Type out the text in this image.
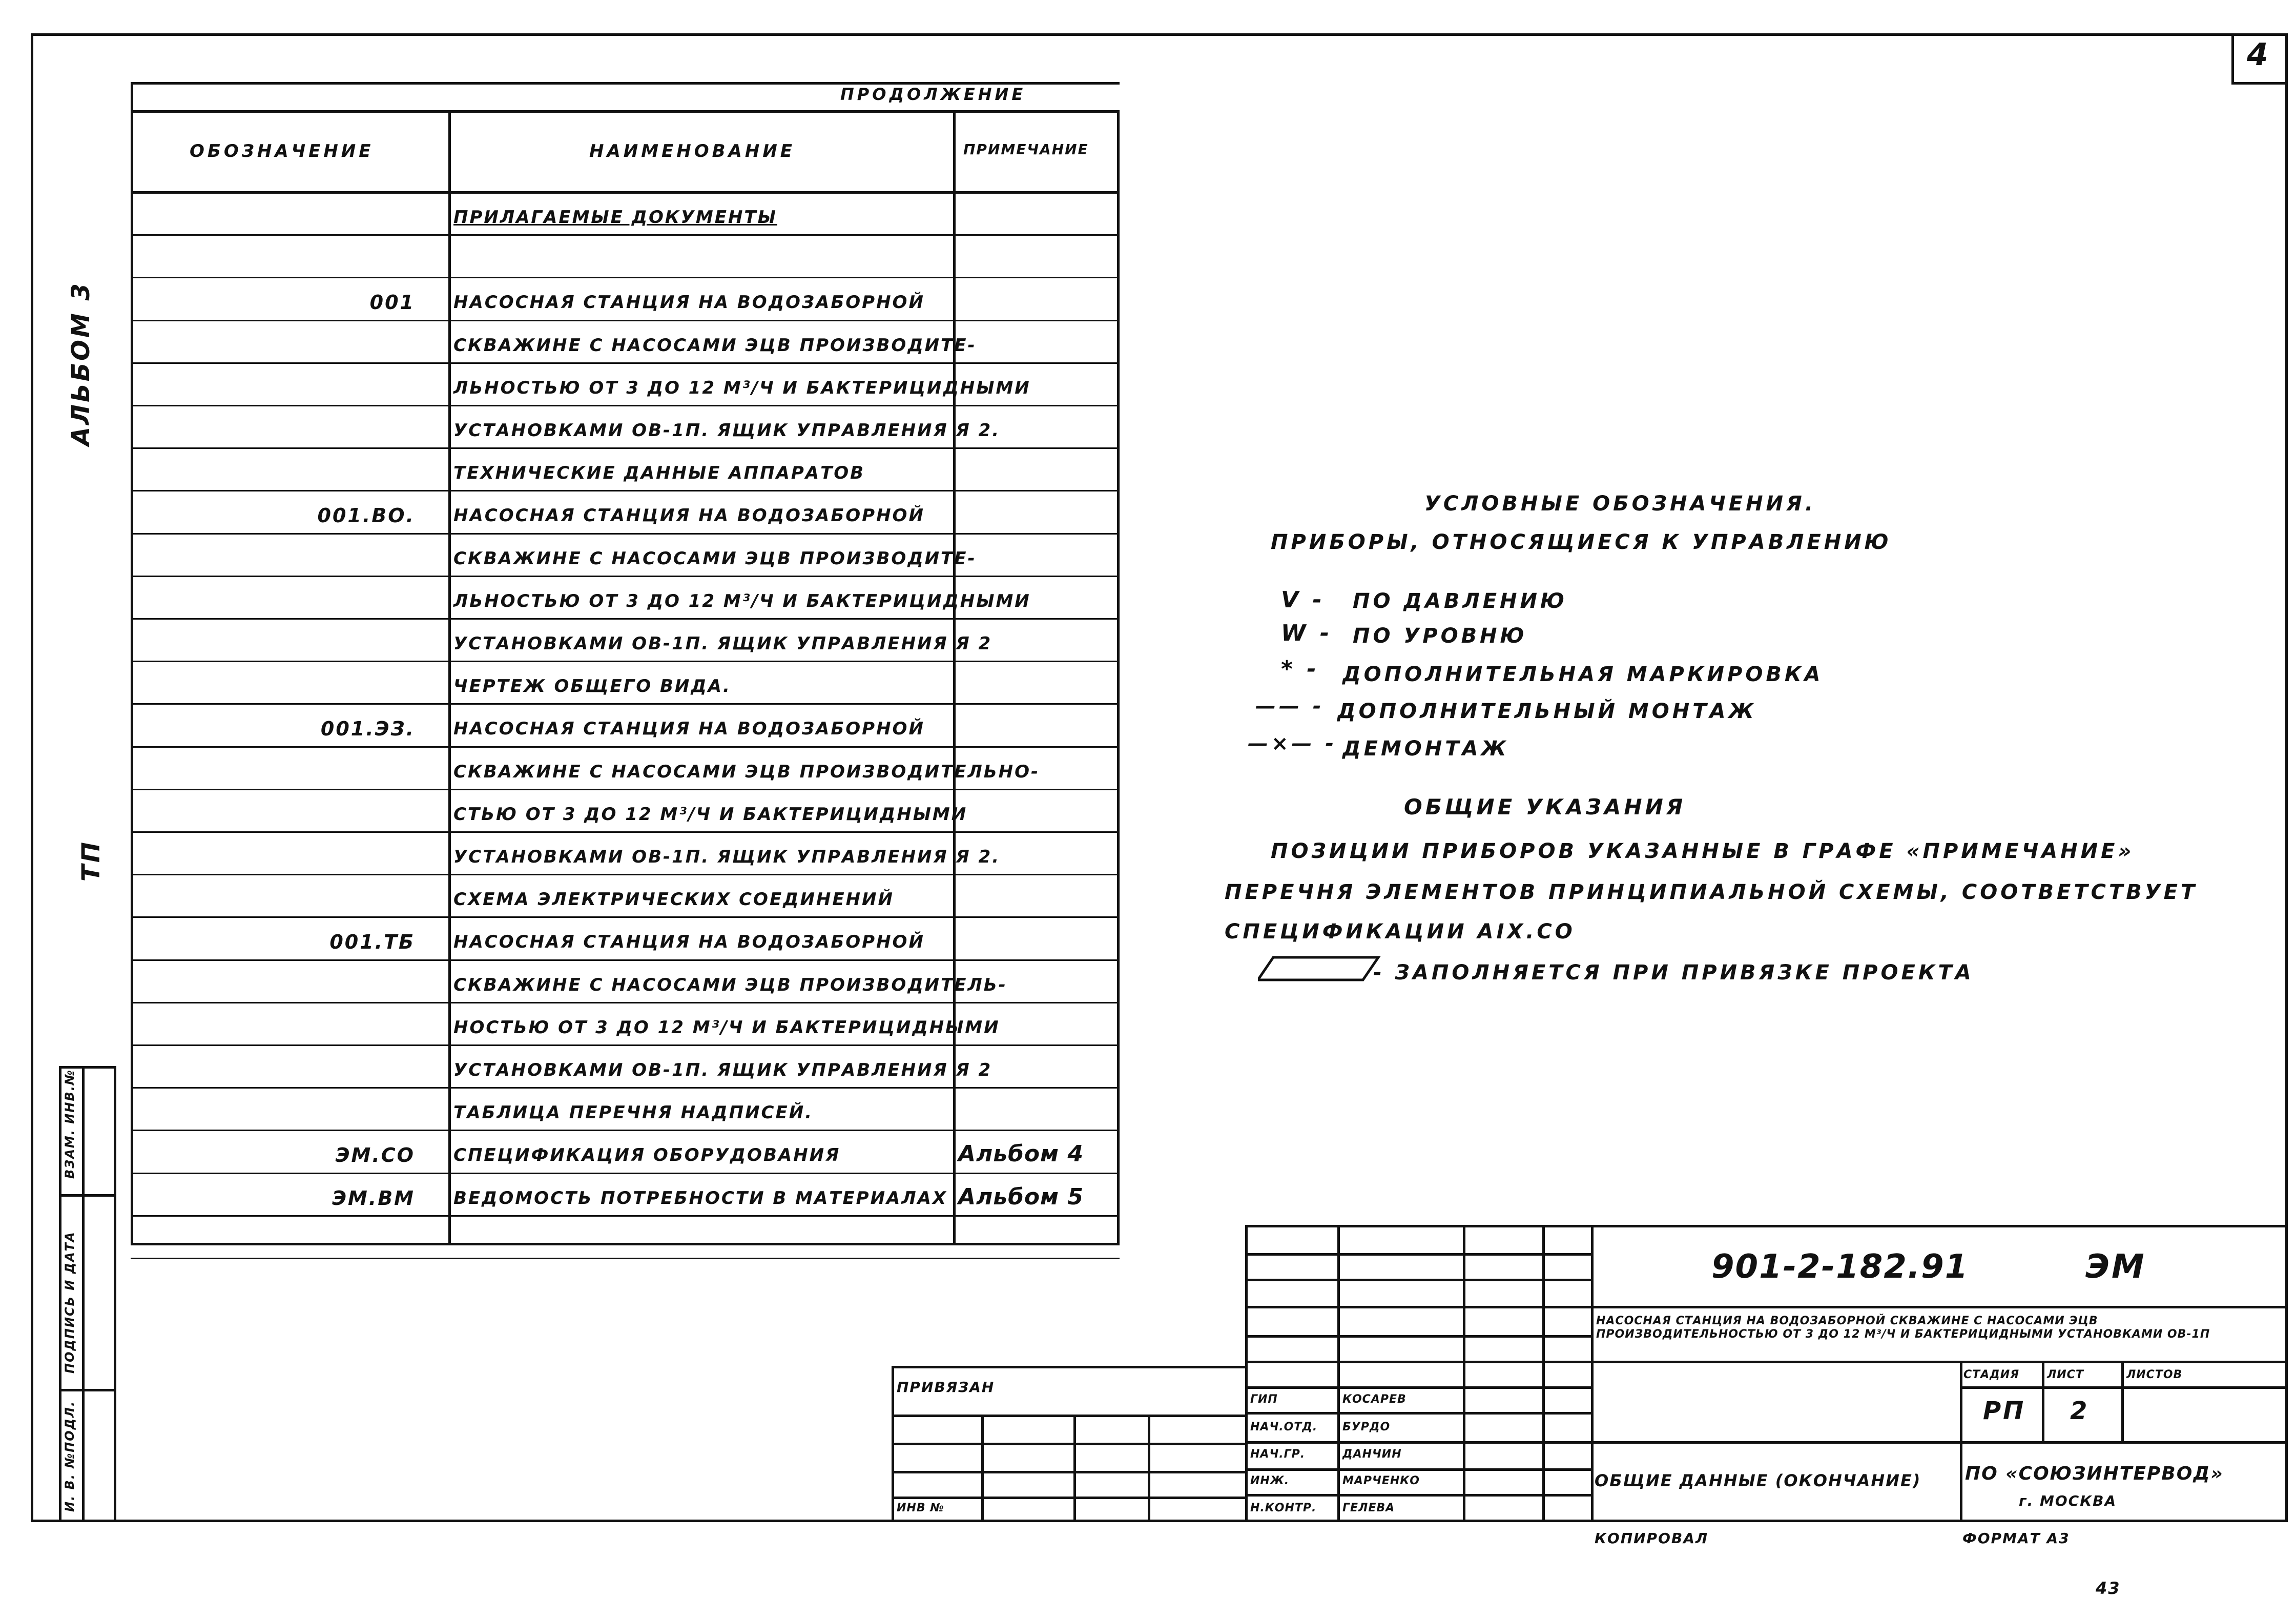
4
ВЗАМ. ИНВ.№
ПОДПИСЬ И ДАТА
И. В. №ПОДЛ.
АЛЬБОМ 3
ТП
ПРОДОЛЖЕНИЕ
ОБОЗНАЧЕНИЕ	НАИМЕНОВАНИЕ	ПРИМЕЧАНИЕ
ПРИЛАГАЕМЫЕ ДОКУМЕНТЫ
001 НАСОСНАЯ СТАНЦИЯ НА ВОДОЗАБОРНОЙ
СКВАЖИНЕ С НАСОСАМИ ЭЦВ ПРОИЗВОДИТЕ-
ЛЬНОСТЬЮ ОТ 3 ДО 12 М³/Ч И БАКТЕРИЦИДНЫМИ
УСТАНОВКАМИ ОВ-1П. ЯЩИК УПРАВЛЕНИЯ Я 2.
ТЕХНИЧЕСКИЕ ДАННЫЕ АППАРАТОВ
001.ВО. НАСОСНАЯ СТАНЦИЯ НА ВОДОЗАБОРНОЙ
СКВАЖИНЕ С НАСОСАМИ ЭЦВ ПРОИЗВОДИТЕ-
ЛЬНОСТЬЮ ОТ 3 ДО 12 М³/Ч И БАКТЕРИЦИДНЫМИ
УСТАНОВКАМИ ОВ-1П. ЯЩИК УПРАВЛЕНИЯ Я 2
ЧЕРТЕЖ ОБЩЕГО ВИДА.
001.ЭЗ. НАСОСНАЯ СТАНЦИЯ НА ВОДОЗАБОРНОЙ
СКВАЖИНЕ С НАСОСАМИ ЭЦВ ПРОИЗВОДИТЕЛЬНО-
СТЬЮ ОТ 3 ДО 12 М³/Ч И БАКТЕРИЦИДНЫМИ
УСТАНОВКАМИ ОВ-1П. ЯЩИК УПРАВЛЕНИЯ Я 2.
СХЕМА ЭЛЕКТРИЧЕСКИХ СОЕДИНЕНИЙ
001.ТБ НАСОСНАЯ СТАНЦИЯ НА ВОДОЗАБОРНОЙ
СКВАЖИНЕ С НАСОСАМИ ЭЦВ ПРОИЗВОДИТЕЛЬ-
НОСТЬЮ ОТ 3 ДО 12 М³/Ч И БАКТЕРИЦИДНЫМИ
УСТАНОВКАМИ ОВ-1П. ЯЩИК УПРАВЛЕНИЯ Я 2
ТАБЛИЦА ПЕРЕЧНЯ НАДПИСЕЙ.
ЭМ.СО СПЕЦИФИКАЦИЯ ОБОРУДОВАНИЯ	Альбом 4
ЭМ.ВМ ВЕДОМОСТЬ ПОТРЕБНОСТИ В МАТЕРИАЛАХ Альбом 5
УСЛОВНЫЕ ОБОЗНАЧЕНИЯ.
ПРИБОРЫ, ОТНОСЯЩИЕСЯ К УПРАВЛЕНИЮ
V - ПО ДАВЛЕНИЮ
W - ПО УРОВНЮ
* - ДОПОЛНИТЕЛЬНАЯ МАРКИРОВКА
—— - ДОПОЛНИТЕЛЬНЫЙ МОНТАЖ
—×— - ДЕМОНТАЖ
ОБЩИЕ УКАЗАНИЯ
ПОЗИЦИИ ПРИБОРОВ УКАЗАННЫЕ В ГРАФЕ «ПРИМЕЧАНИЕ»
ПЕРЕЧНЯ ЭЛЕМЕНТОВ ПРИНЦИПИАЛЬНОЙ СХЕМЫ, СООТВЕТСТВУЕТ
СПЕЦИФИКАЦИИ АIХ.СО
- ЗАПОЛНЯЕТСЯ ПРИ ПРИВЯЗКЕ ПРОЕКТА
901-2-182.91	ЭМ
НАСОСНАЯ СТАНЦИЯ НА ВОДОЗАБОРНОЙ СКВАЖИНЕ С НАСОСАМИ ЭЦВ ПРОИЗВОДИТЕЛЬНОСТЬЮ ОТ 3 ДО 12 М³/Ч И БАКТЕРИЦИДНЫМИ УСТАНОВКАМИ ОВ-1П
СТАДИЯ ЛИСТ	ЛИСТОВ
РП 2
ОБЩИЕ ДАННЫЕ (ОКОНЧАНИЕ) ПО «СОЮЗИНТЕРВОД»
г. МОСКВА
КОПИРОВАЛ	ФОРМАТ А3
43
ГИП	КОСАРЕВ
НАЧ.ОТД. БУРДО
НАЧ.ГР.	ДАНЧИН
ИНЖ.	МАРЧЕНКО
Н.КОНТР. ГЕЛЕВА
ПРИВЯЗАН
ИНВ №
